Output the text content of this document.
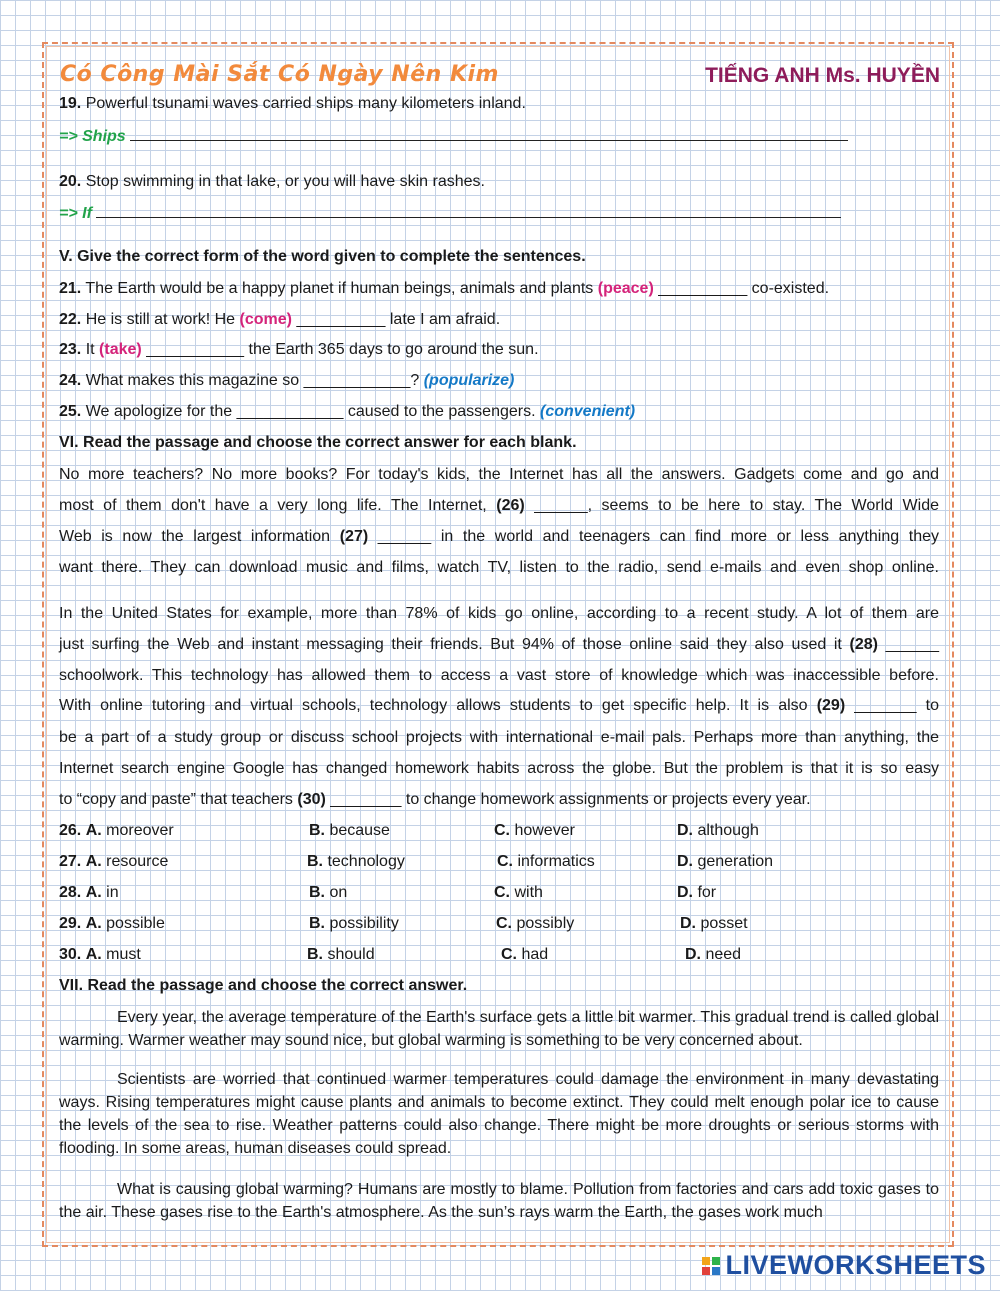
Có Công Mài Sắt Có Ngày Nên Kim	TIẾNG ANH Ms. HUYỀN
19. Powerful tsunami waves carried ships many kilometers inland.
=> Ships
20. Stop swimming in that lake, or you will have skin rashes.
=> If
V. Give the correct form of the word given to complete the sentences.
21. The Earth would be a happy planet if human beings, animals and plants (peace) __________ co-existed.
22. He is still at work! He (come) __________ late I am afraid.
23. It (take) ___________ the Earth 365 days to go around the sun.
24. What makes this magazine so ____________? (popularize)
25. We apologize for the ____________ caused to the passengers. (convenient)
VI. Read the passage and choose the correct answer for each blank.
No more teachers? No more books? For today's kids, the Internet has all the answers. Gadgets come and go and
most of them don't have a very long life. The Internet, (26) ______, seems to be here to stay. The World Wide
Web is now the largest information (27) ______ in the world and teenagers can find more or less anything they
want there. They can download music and films, watch TV, listen to the radio, send e-mails and even shop online.
In the United States for example, more than 78% of kids go online, according to a recent study. A lot of them are
just surfing the Web and instant messaging their friends. But 94% of those online said they also used it (28) ______
schoolwork. This technology has allowed them to access a vast store of knowledge which was inaccessible before.
With online tutoring and virtual schools, technology allows students to get specific help. It is also (29) _______ to
be a part of a study group or discuss school projects with international e-mail pals. Perhaps more than anything, the
Internet search engine Google has changed homework habits across the globe. But the problem is that it is so easy
to “copy and paste” that teachers (30) ________ to change homework assignments or projects every year.
26. A. moreover	B. because	C. however	D. although
27. A. resource	B. technology	C. informatics	D. generation
28. A. in	B. on	C. with	D. for
29. A. possible	B. possibility	C. possibly	D. posset
30. A. must	B. should	C. had	D. need
VII. Read the passage and choose the correct answer.
Every year, the average temperature of the Earth's surface gets a little bit warmer. This gradual trend is called global warming. Warmer weather may sound nice, but global warming is something to be very concerned about.
Scientists are worried that continued warmer temperatures could damage the environment in many devastating ways. Rising temperatures might cause plants and animals to become extinct. They could melt enough polar ice to cause the levels of the sea to rise. Weather patterns could also change. There might be more droughts or serious storms with flooding. In some areas, human diseases could spread.
What is causing global warming? Humans are mostly to blame. Pollution from factories and cars add toxic gases to the air. These gases rise to the Earth's atmosphere. As the sun’s rays warm the Earth, the gases work much
LIVEWORKSHEETS
